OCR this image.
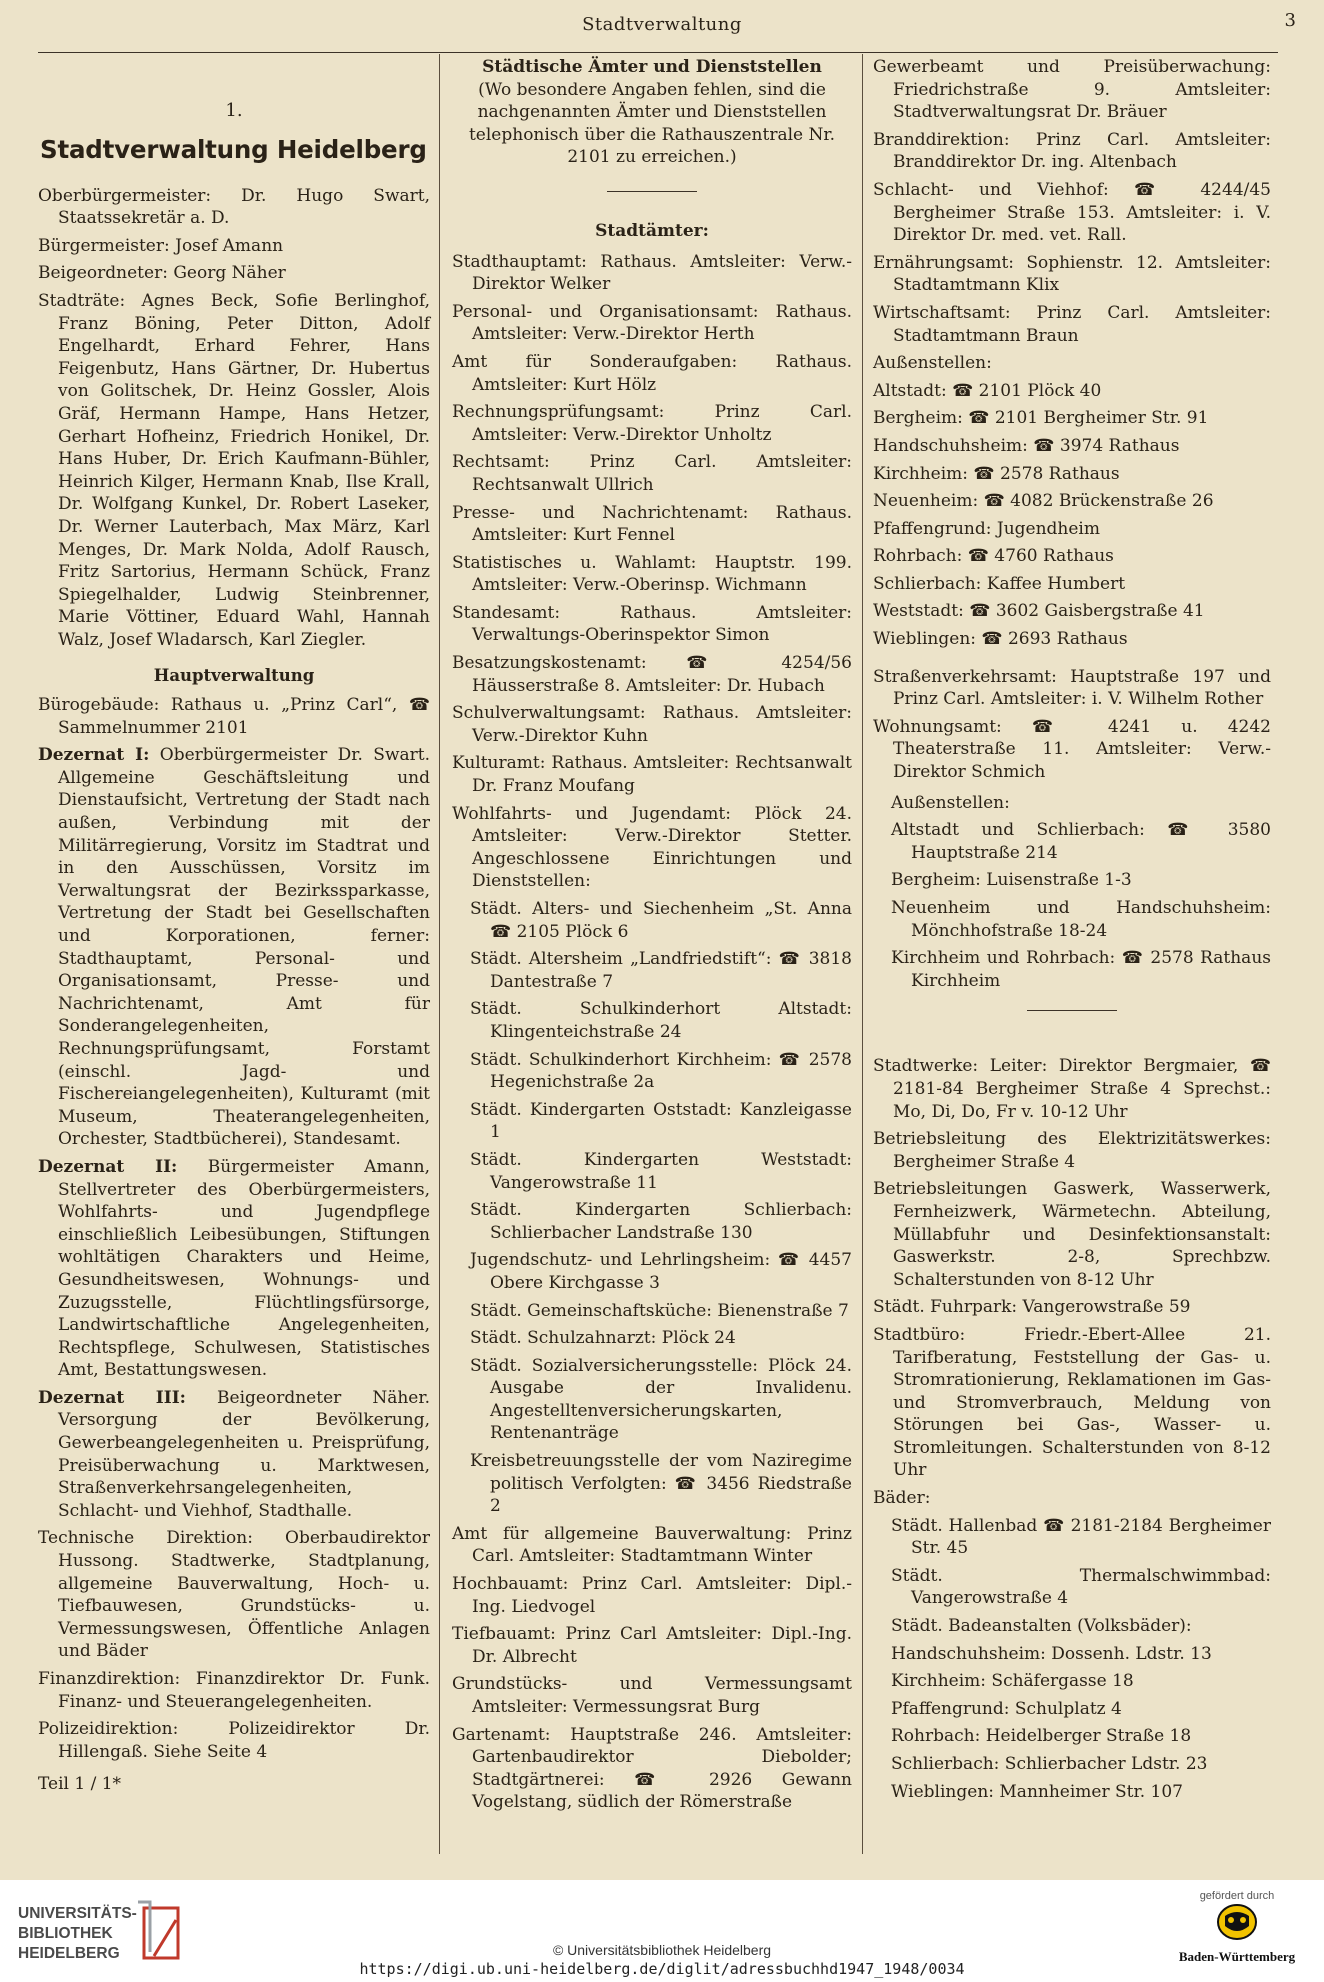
Stadtverwaltung	3
1.
Stadtverwaltung Heidelberg

Oberbürgermeister: Dr. Hugo Swart, Staatssekretär a. D.

Bürgermeister: Josef Amann

Beigeordneter: Georg Näher

Stadträte: Agnes Beck, Sofie Berlinghof, Franz Böning, Peter Ditton, Adolf Engelhardt, Erhard Fehrer, Hans Feigenbutz, Hans Gärtner, Dr. Hubertus von Golitschek, Dr. Heinz Gossler, Alois Gräf, Hermann Hampe, Hans Hetzer, Gerhart Hofheinz, Friedrich Honikel, Dr. Hans Huber, Dr. Erich Kaufmann-Bühler, Heinrich Kilger, Hermann Knab, Ilse Krall, Dr. Wolfgang Kunkel, Dr. Robert Laseker, Dr. Werner Lauterbach, Max März, Karl Menges, Dr. Mark Nolda, Adolf Rausch, Fritz Sartorius, Hermann Schück, Franz Spiegelhalder, Ludwig Steinbrenner, Marie Vöttiner, Eduard Wahl, Hannah Walz, Josef Wladarsch, Karl Ziegler.

Hauptverwaltung

Bürogebäude: Rathaus u. „Prinz Carl“, ☎ Sammelnummer 2101

Dezernat I: Oberbürgermeister Dr. Swart. Allgemeine Geschäftsleitung und Dienstaufsicht, Vertretung der Stadt nach außen, Verbindung mit der Militärregierung, Vorsitz im Stadtrat und in den Ausschüssen, Vorsitz im Verwaltungsrat der Bezirkssparkasse, Vertretung der Stadt bei Gesellschaften und Korporationen, ferner: Stadthauptamt, Personal- und Organisationsamt, Presse- und Nachrichtenamt, Amt für Sonderangelegenheiten, Rechnungsprüfungsamt, Forstamt (einschl. Jagd- und Fischereiangelegenheiten), Kulturamt (mit Museum, Theaterangelegenheiten, Orchester, Stadtbücherei), Standesamt.

Dezernat II: Bürgermeister Amann, Stellvertreter des Oberbürgermeisters, Wohlfahrts- und Jugendpflege einschließlich Leibesübungen, Stiftungen wohltätigen Charakters und Heime, Gesundheitswesen, Wohnungs- und Zuzugsstelle, Flüchtlingsfürsorge, Landwirtschaftliche Angelegenheiten, Rechtspflege, Schulwesen, Statistisches Amt, Bestattungswesen.

Dezernat III: Beigeordneter Näher. Versorgung der Bevölkerung, Gewerbeangelegenheiten u. Preisprüfung, Preisüberwachung u. Marktwesen, Straßenverkehrsangelegenheiten, Schlacht- und Viehhof, Stadthalle.

Technische Direktion: Oberbaudirektor Hussong. Stadtwerke, Stadtplanung, allgemeine Bauverwaltung, Hoch- u. Tiefbauwesen, Grundstücks- u. Vermessungswesen, Öffentliche Anlagen und Bäder

Finanzdirektion: Finanzdirektor Dr. Funk. Finanz- und Steuerangelegenheiten.

Polizeidirektion: Polizeidirektor Dr. Hillengaß. Siehe Seite 4

Teil 1 / 1*
Städtische Ämter und Dienststellen

(Wo besondere Angaben fehlen, sind die nachgenannten Ämter und Dienststellen telephonisch über die Rathauszentrale Nr. 2101 zu erreichen.)

Stadtämter:

Stadthauptamt: Rathaus. Amtsleiter: Verw.-Direktor Welker

Personal- und Organisationsamt: Rathaus. Amtsleiter: Verw.-Direktor Herth

Amt für Sonderaufgaben: Rathaus. Amtsleiter: Kurt Hölz

Rechnungsprüfungsamt: Prinz Carl. Amtsleiter: Verw.-Direktor Unholtz

Rechtsamt: Prinz Carl. Amtsleiter: Rechtsanwalt Ullrich

Presse- und Nachrichtenamt: Rathaus. Amtsleiter: Kurt Fennel

Statistisches u. Wahlamt: Hauptstr. 199. Amtsleiter: Verw.-Oberinsp. Wichmann

Standesamt: Rathaus. Amtsleiter: Verwaltungs-Oberinspektor Simon

Besatzungskostenamt: ☎ 4254/56 Häusserstraße 8. Amtsleiter: Dr. Hubach

Schulverwaltungsamt: Rathaus. Amtsleiter: Verw.-Direktor Kuhn

Kulturamt: Rathaus. Amtsleiter: Rechtsanwalt Dr. Franz Moufang

Wohlfahrts- und Jugendamt: Plöck 24. Amtsleiter: Verw.-Direktor Stetter. Angeschlossene Einrichtungen und Dienststellen:

Städt. Alters- und Siechenheim „St. Anna ☎ 2105 Plöck 6

Städt. Altersheim „Landfriedstift“: ☎ 3818 Dantestraße 7

Städt. Schulkinderhort Altstadt: Klingenteichstraße 24

Städt. Schulkinderhort Kirchheim: ☎ 2578 Hegenichstraße 2a

Städt. Kindergarten Oststadt: Kanzleigasse 1

Städt. Kindergarten Weststadt: Vangerowstraße 11

Städt. Kindergarten Schlierbach: Schlierbacher Landstraße 130

Jugendschutz- und Lehrlingsheim: ☎ 4457 Obere Kirchgasse 3

Städt. Gemeinschaftsküche: Bienenstraße 7

Städt. Schulzahnarzt: Plöck 24

Städt. Sozialversicherungsstelle: Plöck 24. Ausgabe der Invalidenu. Angestelltenversicherungskarten, Rentenanträge

Kreisbetreuungsstelle der vom Naziregime politisch Verfolgten: ☎ 3456 Riedstraße 2

Amt für allgemeine Bauverwaltung: Prinz Carl. Amtsleiter: Stadtamtmann Winter

Hochbauamt: Prinz Carl. Amtsleiter: Dipl.-Ing. Liedvogel

Tiefbauamt: Prinz Carl Amtsleiter: Dipl.-Ing. Dr. Albrecht

Grundstücks- und Vermessungsamt Amtsleiter: Vermessungsrat Burg

Gartenamt: Hauptstraße 246. Amtsleiter: Gartenbaudirektor Diebolder; Stadtgärtnerei: ☎ 2926 Gewann Vogelstang, südlich der Römerstraße

Gewerbeamt und Preisüberwachung: Friedrichstraße 9. Amtsleiter: Stadtverwaltungsrat Dr. Bräuer

Branddirektion: Prinz Carl. Amtsleiter: Branddirektor Dr. ing. Altenbach

Schlacht- und Viehhof: ☎ 4244/45 Bergheimer Straße 153. Amtsleiter: i. V. Direktor Dr. med. vet. Rall.

Ernährungsamt: Sophienstr. 12. Amtsleiter: Stadtamtmann Klix

Wirtschaftsamt: Prinz Carl. Amtsleiter: Stadtamtmann Braun

Außenstellen:

Altstadt: ☎ 2101 Plöck 40

Bergheim: ☎ 2101 Bergheimer Str. 91

Handschuhsheim: ☎ 3974 Rathaus

Kirchheim: ☎ 2578 Rathaus

Neuenheim: ☎ 4082 Brückenstraße 26

Pfaffengrund: Jugendheim

Rohrbach: ☎ 4760 Rathaus

Schlierbach: Kaffee Humbert

Weststadt: ☎ 3602 Gaisbergstraße 41

Wieblingen: ☎ 2693 Rathaus

Straßenverkehrsamt: Hauptstraße 197 und Prinz Carl. Amtsleiter: i. V. Wilhelm Rother

Wohnungsamt: ☎ 4241 u. 4242 Theaterstraße 11. Amtsleiter: Verw.-Direktor Schmich

Außenstellen:

Altstadt und Schlierbach: ☎ 3580 Hauptstraße 214

Bergheim: Luisenstraße 1-3

Neuenheim und Handschuhsheim: Mönchhofstraße 18-24

Kirchheim und Rohrbach: ☎ 2578 Rathaus Kirchheim

Stadtwerke: Leiter: Direktor Bergmaier, ☎ 2181-84 Bergheimer Straße 4 Sprechst.: Mo, Di, Do, Fr v. 10-12 Uhr

Betriebsleitung des Elektrizitätswerkes: Bergheimer Straße 4

Betriebsleitungen Gaswerk, Wasserwerk, Fernheizwerk, Wärmetechn. Abteilung, Müllabfuhr und Desinfektionsanstalt: Gaswerkstr. 2-8, Sprechbzw. Schalterstunden von 8-12 Uhr

Städt. Fuhrpark: Vangerowstraße 59

Stadtbüro: Friedr.-Ebert-Allee 21. Tarifberatung, Feststellung der Gas- u. Stromrationierung, Reklamationen im Gas- und Stromverbrauch, Meldung von Störungen bei Gas-, Wasser- u. Stromleitungen. Schalterstunden von 8-12 Uhr

Bäder:

Städt. Hallenbad ☎ 2181-2184 Bergheimer Str. 45

Städt. Thermalschwimmbad: Vangerowstraße 4

Städt. Badeanstalten (Volksbäder):

Handschuhsheim: Dossenh. Ldstr. 13

Kirchheim: Schäfergasse 18

Pfaffengrund: Schulplatz 4

Rohrbach: Heidelberger Straße 18

Schlierbach: Schlierbacher Ldstr. 23

Wieblingen: Mannheimer Str. 107

UNIVERSITÄTS-
BIBLIOTHEK
HEIDELBERG	© Universitätsbibliothek Heidelberg
https://digi.ub.uni-heidelberg.de/diglit/adressbuchhd1947_1948/0034
gefördert durch
Baden-Württemberg
